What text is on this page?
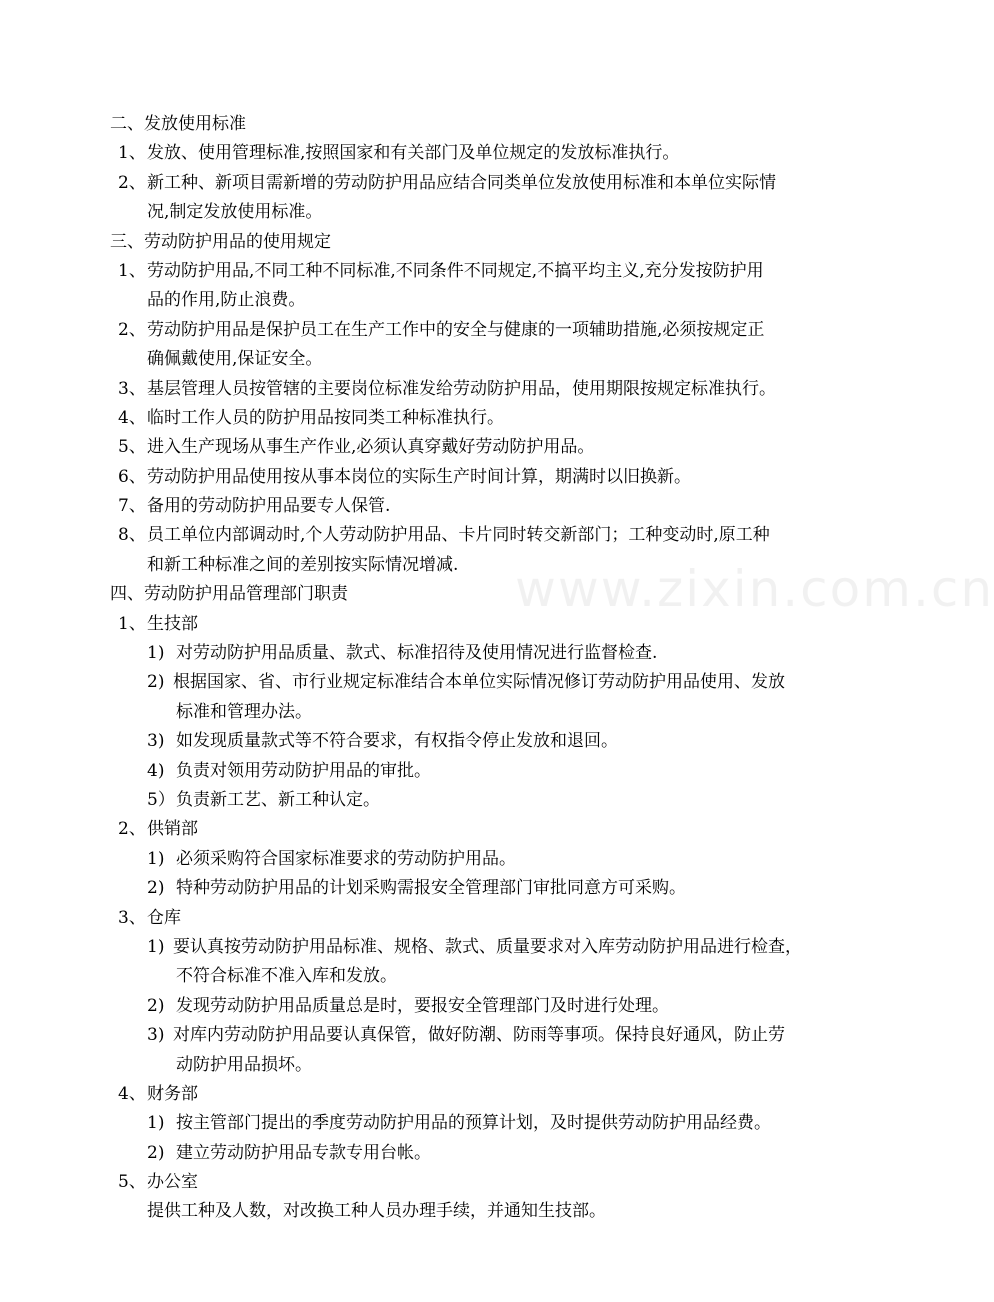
www.zixin.com.cn
二、发放使用标准
1、发放、使用管理标准,按照国家和有关部门及单位规定的发放标准执行。
2、新工种、新项目需新增的劳动防护用品应结合同类单位发放使用标准和本单位实际情
况,制定发放使用标准。
三、劳动防护用品的使用规定
1、劳动防护用品,不同工种不同标准,不同条件不同规定,不搞平均主义,充分发按防护用
品的作用,防止浪费。
2、劳动防护用品是保护员工在生产工作中的安全与健康的一项辅助措施,必须按规定正
确佩戴使用,保证安全。
3、基层管理人员按管辖的主要岗位标准发给劳动防护用品，使用期限按规定标准执行。
4、临时工作人员的防护用品按同类工种标准执行。
5、进入生产现场从事生产作业,必须认真穿戴好劳动防护用品。
6、劳动防护用品使用按从事本岗位的实际生产时间计算，期满时以旧换新。
7、备用的劳动防护用品要专人保管.
8、员工单位内部调动时,个人劳动防护用品、卡片同时转交新部门；工种变动时,原工种
和新工种标准之间的差别按实际情况增减.
四、劳动防护用品管理部门职责
1、生技部
1) 对劳动防护用品质量、款式、标准招待及使用情况进行监督检查.
2) 根据国家、省、市行业规定标准结合本单位实际情况修订劳动防护用品使用、发放
标准和管理办法。
3) 如发现质量款式等不符合要求，有权指令停止发放和退回。
4) 负责对领用劳动防护用品的审批。
5）负责新工艺、新工种认定。
2、供销部
1) 必须采购符合国家标准要求的劳动防护用品。
2) 特种劳动防护用品的计划采购需报安全管理部门审批同意方可采购。
3、仓库
1) 要认真按劳动防护用品标准、规格、款式、质量要求对入库劳动防护用品进行检查，
不符合标准不准入库和发放。
2) 发现劳动防护用品质量总是时，要报安全管理部门及时进行处理。
3) 对库内劳动防护用品要认真保管，做好防潮、防雨等事项。保持良好通风，防止劳
动防护用品损坏。
4、财务部
1) 按主管部门提出的季度劳动防护用品的预算计划，及时提供劳动防护用品经费。
2) 建立劳动防护用品专款专用台帐。
5、办公室
提供工种及人数，对改换工种人员办理手续，并通知生技部。
